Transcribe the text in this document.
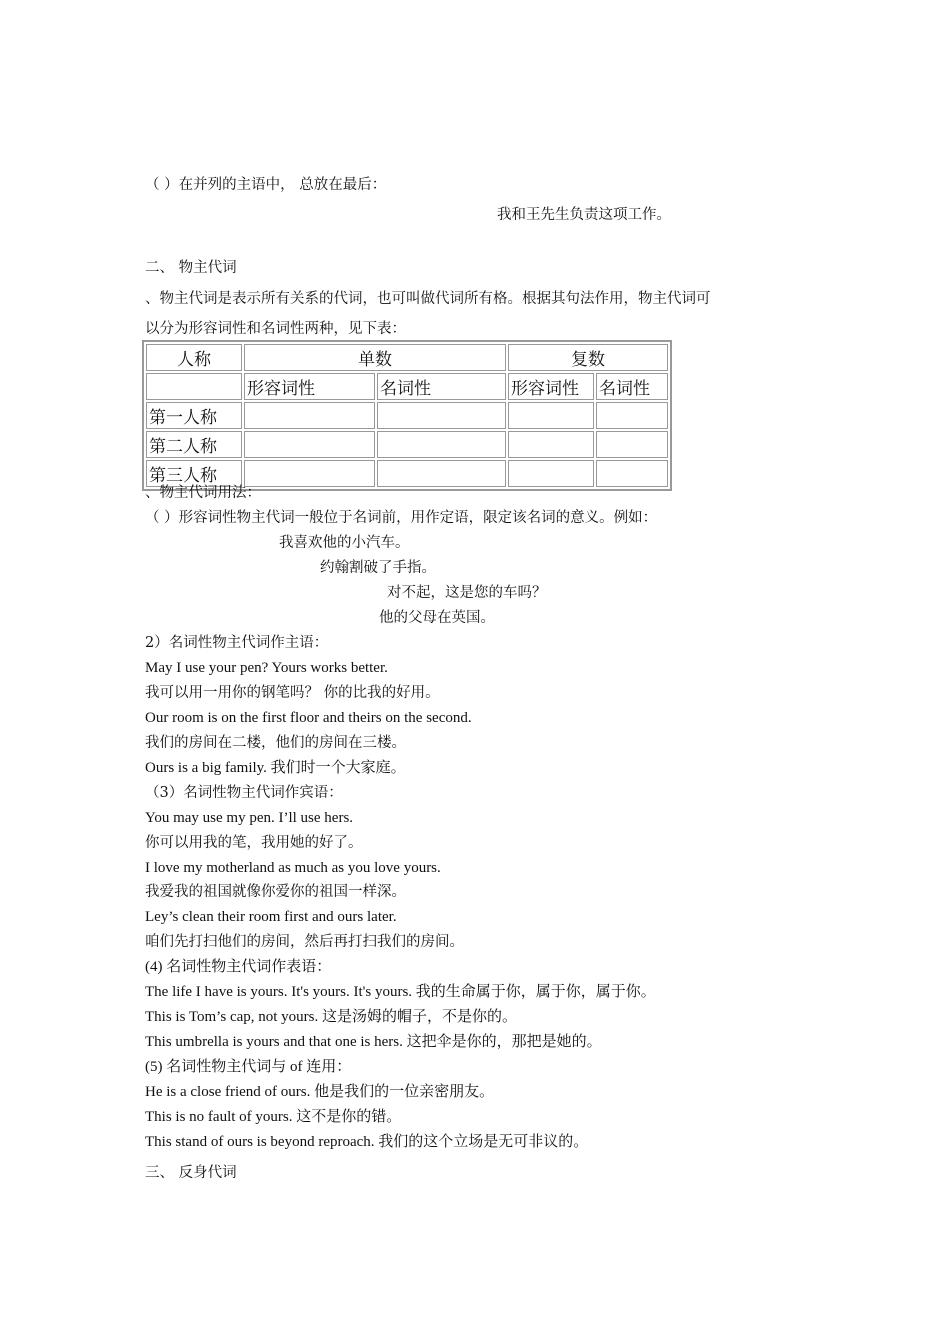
（ ）在并列的主语中， 总放在最后：
我和王先生负责这项工作。
二、 物主代词
、物主代词是表示所有关系的代词，也可叫做代词所有格。根据其句法作用，物主代词可
以分为形容词性和名词性两种，见下表：
人称	单数		复数	
	形容词性	名词性	形容词性	名词性
第一人称				
第二人称				
第三人称				
、物主代词用法：
（ ）形容词性物主代词一般位于名词前，用作定语，限定该名词的意义。例如：
我喜欢他的小汽车。
约翰割破了手指。
对不起，这是您的车吗？
他的父母在英国。
2）名词性物主代词作主语：
May I use your pen? Yours works better.
我可以用一用你的钢笔吗？ 你的比我的好用。
Our room is on the first floor and theirs on the second.
我们的房间在二楼，他们的房间在三楼。
Ours is a big family. 我们时一个大家庭。
（3）名词性物主代词作宾语：
You may use my pen. I’ll use hers.
你可以用我的笔，我用她的好了。
I love my motherland as much as you love yours.
我爱我的祖国就像你爱你的祖国一样深。
Ley’s clean their room first and ours later.
咱们先打扫他们的房间，然后再打扫我们的房间。
(4) 名词性物主代词作表语：
The life I have is yours. It's yours. It's yours. 我的生命属于你，属于你，属于你。
This is Tom’s cap, not yours. 这是汤姆的帽子，不是你的。
This umbrella is yours and that one is hers. 这把伞是你的，那把是她的。
(5) 名词性物主代词与 of 连用：
He is a close friend of ours. 他是我们的一位亲密朋友。
This is no fault of yours. 这不是你的错。
This stand of ours is beyond reproach. 我们的这个立场是无可非议的。
三、 反身代词
